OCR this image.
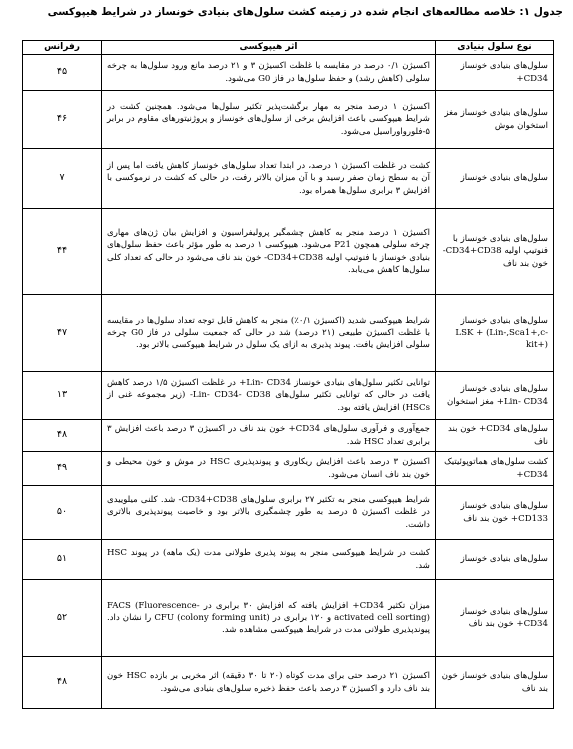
جدول ۱: خلاصه مطالعه‌های انجام شده در زمینه کشت سلول‌های بنیادی خونساز در شرایط هیپوکسی
نوع سلول بنیادی	اثر هیپوکسی	رفرانس
سلول‌های بنیادی خونساز CD34+	اکسیژن ۰/۱ درصد در مقایسه با غلظت اکسیژن ۳ و ۲۱ درصد مانع ورود سلول‌ها به چرخه سلولی (کاهش رشد) و حفظ سلول‌ها در فاز G0 می‌شود.	۴۵
سلول‌های بنیادی خونساز مغز استخوان موش	اکسیژن ۱ درصد منجر به مهار برگشت‌پذیر تکثیر سلول‌ها می‌شود. همچنین کشت در شرایط هیپوکسی باعث افزایش برخی از سلول‌های خونساز و پروژنیتورهای مقاوم در برابر ۵-فلورواوراسیل می‌شود.	۴۶
سلول‌های بنیادی خونساز	کشت در غلظت اکسیژن ۱ درصد، در ابتدا تعداد سلول‌های خونساز کاهش یافت اما پس از آن به سطح زمان صفر رسید و با آن میزان بالاتر رفت، در حالی که کشت در نرموکسی با افزایش ۳ برابری سلول‌ها همراه بود.	۷
سلول‌های بنیادی خونساز با فنوتیپ اولیه CD34+CD38- خون بند ناف	اکسیژن ۱ درصد منجر به کاهش چشمگیر پرولیفراسیون و افزایش بیان ژن‌های مهاری چرخه سلولی همچون P21 می‌شود. هیپوکسی ۱ درصد به طور مؤثر باعث حفظ سلول‌های بنیادی خونساز با فنوتیپ اولیه CD34+CD38- خون بند ناف می‌شود در حالی که تعداد کلی سلول‌ها کاهش می‌یابد.	۴۴
سلول‌های بنیادی خونساز LSK + (Lin-,Sca1+,c-kit+)	شرایط هیپوکسی شدید (اکسیژن ۰/۱٪) منجر به کاهش قابل توجه تعداد سلول‌ها در مقایسه با غلظت اکسیژن طبیعی (۲۱ درصد) شد در حالی که جمعیت سلولی در فاز G0 چرخه سلولی افزایش یافت. پیوند پذیری به ازای یک سلول در شرایط هیپوکسی بالاتر بود.	۴۷
سلول‌های بنیادی خونساز Lin- CD34+ مغز استخوان	توانایی تکثیر سلول‌های بنیادی خونساز Lin- CD34+ در غلظت اکسیژن ۱/۵ درصد کاهش یافت در حالی که توانایی تکثیر سلول‌های Lin- CD34- CD38- (زیر مجموعه غنی از HSCs) افزایش یافته بود.	۱۳
سلول‌های CD34+ خون بند ناف	جمع‌آوری و فرآوری سلول‌های CD34+ خون بند ناف در اکسیژن ۳ درصد باعث افزایش ۳ برابری تعداد HSC شد.	۴۸
کشت سلول‌های هماتوپوئیتیک CD34+	اکسیژن ۳ درصد باعث افزایش ریکاوری و پیوندپذیری HSC در موش و خون محیطی و خون بند ناف انسان می‌شود.	۴۹
سلول‌های بنیادی خونساز CD133+ خون بند ناف	شرایط هیپوکسی منجر به تکثیر ۲۷ برابری سلول‌های CD34+CD38- شد. کلنی میلوییدی در غلظت اکسیژن ۵ درصد به طور چشمگیری بالاتر بود و خاصیت پیوندپذیری بالاتری داشت.	۵۰
سلول‌های بنیادی خونساز	کشت در شرایط هیپوکسی منجر به پیوند پذیری طولانی مدت (یک ماهه) در پیوند HSC شد.	۵۱
سلول‌های بنیادی خونساز CD34+ خون بند ناف	میزان تکثیر CD34+ افزایش یافته که افزایش ۳۰ برابری در FACS (Fluorescence-activated cell sorting) و ۱۲۰ برابری در CFU (colony forming unit) را نشان داد. پیوندپذیری طولانی مدت در شرایط هیپوکسی مشاهده شد.	۵۲
سلول‌های بنیادی خونساز خون بند ناف	اکسیژن ۲۱ درصد حتی برای مدت کوتاه (۲۰ تا ۳۰ دقیقه) اثر مخربی بر بازده HSC خون بند ناف دارد و اکسیژن ۳ درصد باعث حفظ ذخیره سلول‌های بنیادی می‌شود.	۴۸
